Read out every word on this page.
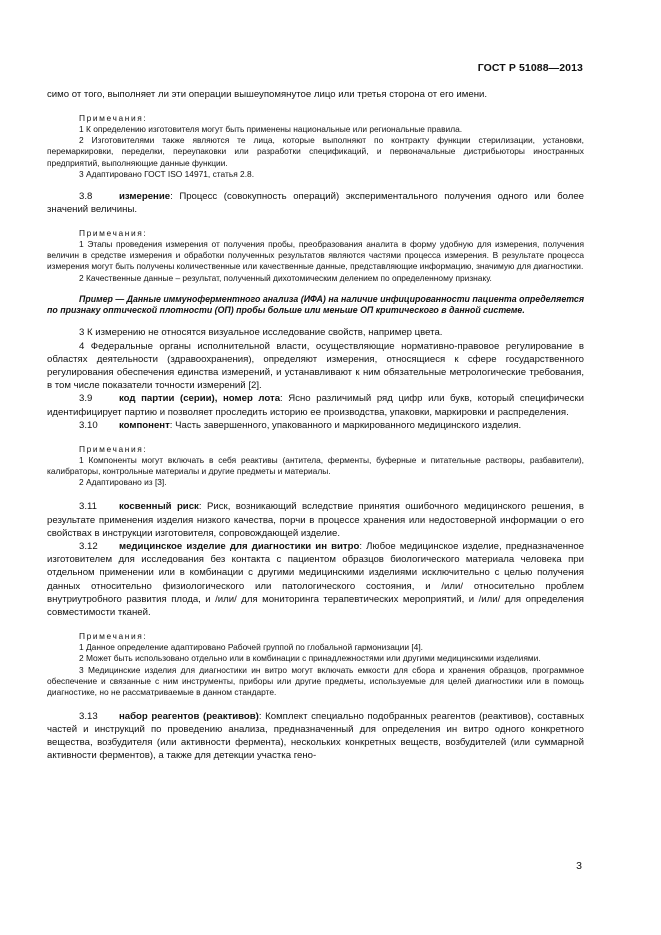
ГОСТ Р 51088—2013

симо от того, выполняет ли эти операции вышеупомянутое лицо или третья сторона от его имени.

Примечания:

1 К определению изготовителя могут быть применены национальные или региональные правила.

2 Изготовителями также являются те лица, которые выполняют по контракту функции стерилизации, установки, перемаркировки, переделки, переупаковки или разработки спецификаций, и первоначальные дистрибьюторы иностранных предприятий, выполняющие данные функции.

3 Адаптировано ГОСТ ISO 14971, статья 2.8.

3.8	измерение: Процесс (совокупность операций) экспериментального получения одного или более значений величины.

Примечания:

1 Этапы проведения измерения от получения пробы, преобразования аналита в форму удобную для измерения, получения величин в средстве измерения и обработки полученных результатов являются частями процесса измерения. В результате процесса измерения могут быть получены количественные или качественные данные, представляющие информацию, значимую для диагностики.

2 Качественные данные – результат, полученный дихотомическим делением по определенному признаку.

Пример — Данные иммуноферментного анализа (ИФА) на наличие инфицированности пациента определяется по признаку оптической плотности (ОП) пробы больше или меньше ОП критического в данной системе.

3 К измерению не относятся визуальное исследование свойств, например цвета.

4 Федеральные органы исполнительной власти, осуществляющие нормативно-правовое регулирование в областях деятельности (здравоохранения), определяют измерения, относящиеся к сфере государственного регулирования обеспечения единства измерений, и устанавливают к ним обязательные метрологические требования, в том числе показатели точности измерений [2].

3.9	код партии (серии), номер лота: Ясно различимый ряд цифр или букв, который специфически идентифицирует партию и позволяет проследить историю ее производства, упаковки, маркировки и распределения.

3.10 компонент: Часть завершенного, упакованного и маркированного медицинского изделия.

Примечания:

1 Компоненты могут включать в себя реактивы (антитела, ферменты, буферные и питательные растворы, разбавители), калибраторы, контрольные материалы и другие предметы и материалы.

2 Адаптировано из [3].

3.11 косвенный риск: Риск, возникающий вследствие принятия ошибочного медицинского решения, в результате применения изделия низкого качества, порчи в процессе хранения или недостоверной информации о его свойствах в инструкции изготовителя, сопровождающей изделие.

3.12 медицинское изделие для диагностики ин витро: Любое медицинское изделие, предназначенное изготовителем для исследования без контакта с пациентом образцов биологического материала человека при отдельном применении или в комбинации с другими медицинскими изделиями исключительно с целью получения данных относительно физиологического или патологического состояния, и /или/ относительно проблем внутриутробного развития плода, и /или/ для мониторинга терапевтических мероприятий, и /или/ для определения совместимости тканей.

Примечания:

1 Данное определение адаптировано Рабочей группой по глобальной гармонизации [4].

2 Может быть использовано отдельно или в комбинации с принадлежностями или другими медицинскими изделиями.

3 Медицинские изделия для диагностики ин витро могут включать емкости для сбора и хранения образцов, программное обеспечение и связанные с ним инструменты, приборы или другие предметы, используемые для целей диагностики или в помощь диагностике, но не рассматриваемые в данном стандарте.

3.13 набор реагентов (реактивов): Комплект специально подобранных реагентов (реактивов), составных частей и инструкций по проведению анализа, предназначенный для определения ин витро одного конкретного вещества, возбудителя (или активности фермента), нескольких конкретных веществ, возбудителей (или суммарной активности ферментов), а также для детекции участка гено-

3
